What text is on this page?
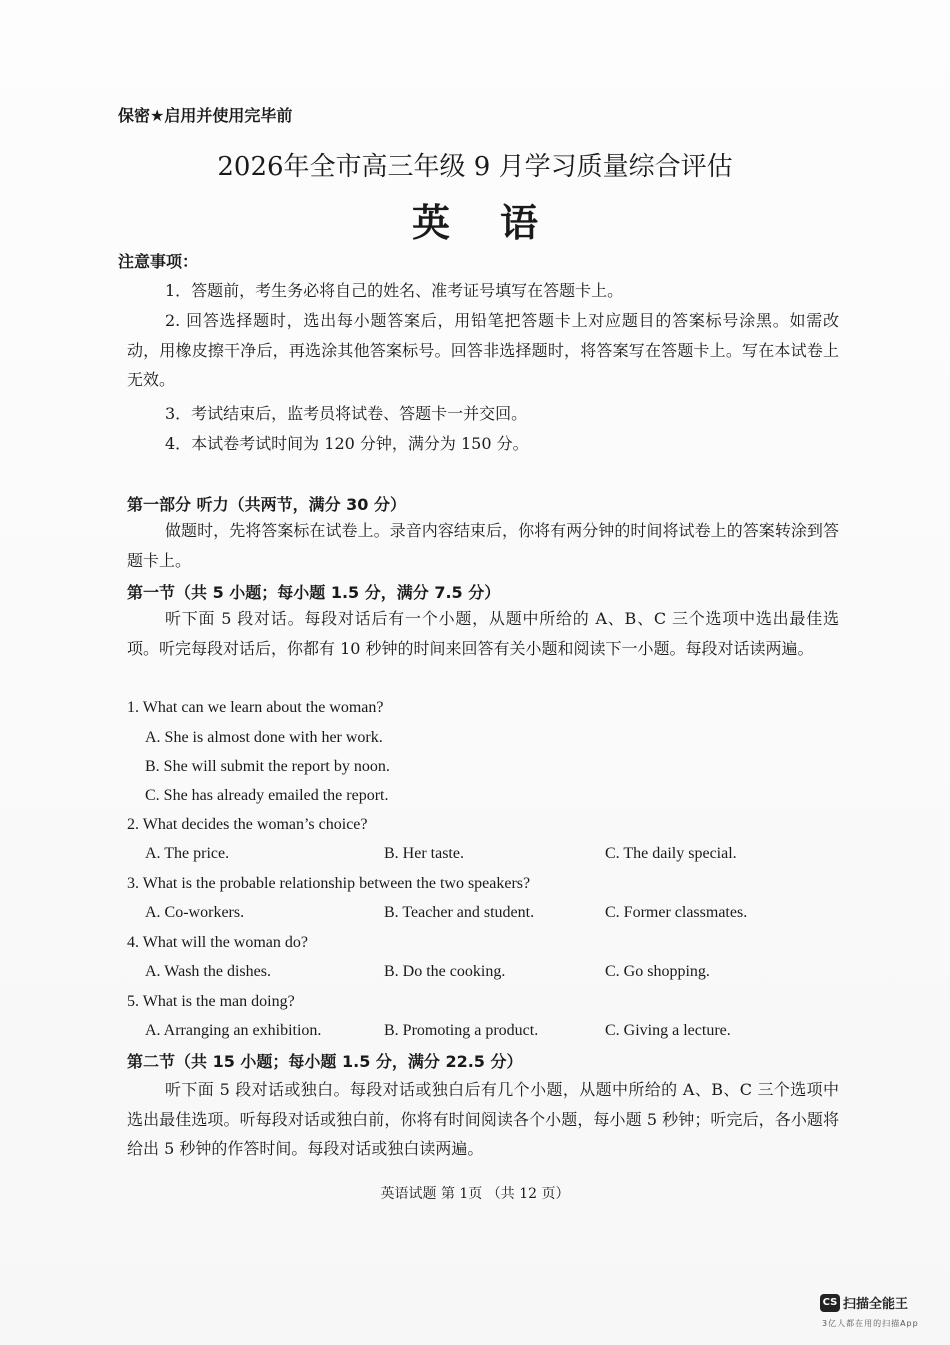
保密★启用并使用完毕前
2026年全市高三年级 9 月学习质量综合评估
英语
注意事项：
1．答题前，考生务必将自己的姓名、准考证号填写在答题卡上。
2. 回答选择题时，选出每小题答案后，用铅笔把答题卡上对应题目的答案标号涂黑。如需改动，用橡皮擦干净后，再选涂其他答案标号。回答非选择题时，将答案写在答题卡上。写在本试卷上无效。
3．考试结束后，监考员将试卷、答题卡一并交回。
4．本试卷考试时间为 120 分钟，满分为 150 分。
第一部分 听力（共两节，满分 30 分）
做题时，先将答案标在试卷上。录音内容结束后，你将有两分钟的时间将试卷上的答案转涂到答题卡上。
第一节（共 5 小题；每小题 1.5 分，满分 7.5 分）
听下面 5 段对话。每段对话后有一个小题，从题中所给的 A、B、C 三个选项中选出最佳选项。听完每段对话后，你都有 10 秒钟的时间来回答有关小题和阅读下一小题。每段对话读两遍。
1. What can we learn about the woman?
A. She is almost done with her work.
B. She will submit the report by noon.
C. She has already emailed the report.
2. What decides the woman’s choice?
A. The price.	B. Her taste.	C. The daily special.
3. What is the probable relationship between the two speakers?
A. Co-workers.	B. Teacher and student.	C. Former classmates.
4. What will the woman do?
A. Wash the dishes.	B. Do the cooking.	C. Go shopping.
5. What is the man doing?
A. Arranging an exhibition.	B. Promoting a product.	C. Giving a lecture.
第二节（共 15 小题；每小题 1.5 分，满分 22.5 分）
听下面 5 段对话或独白。每段对话或独白后有几个小题，从题中所给的 A、B、C 三个选项中选出最佳选项。听每段对话或独白前，你将有时间阅读各个小题，每小题 5 秒钟；听完后，各小题将给出 5 秒钟的作答时间。每段对话或独白读两遍。
英语试题 第 1页 （共 12 页）
CS 扫描全能王
3亿人都在用的扫描App
